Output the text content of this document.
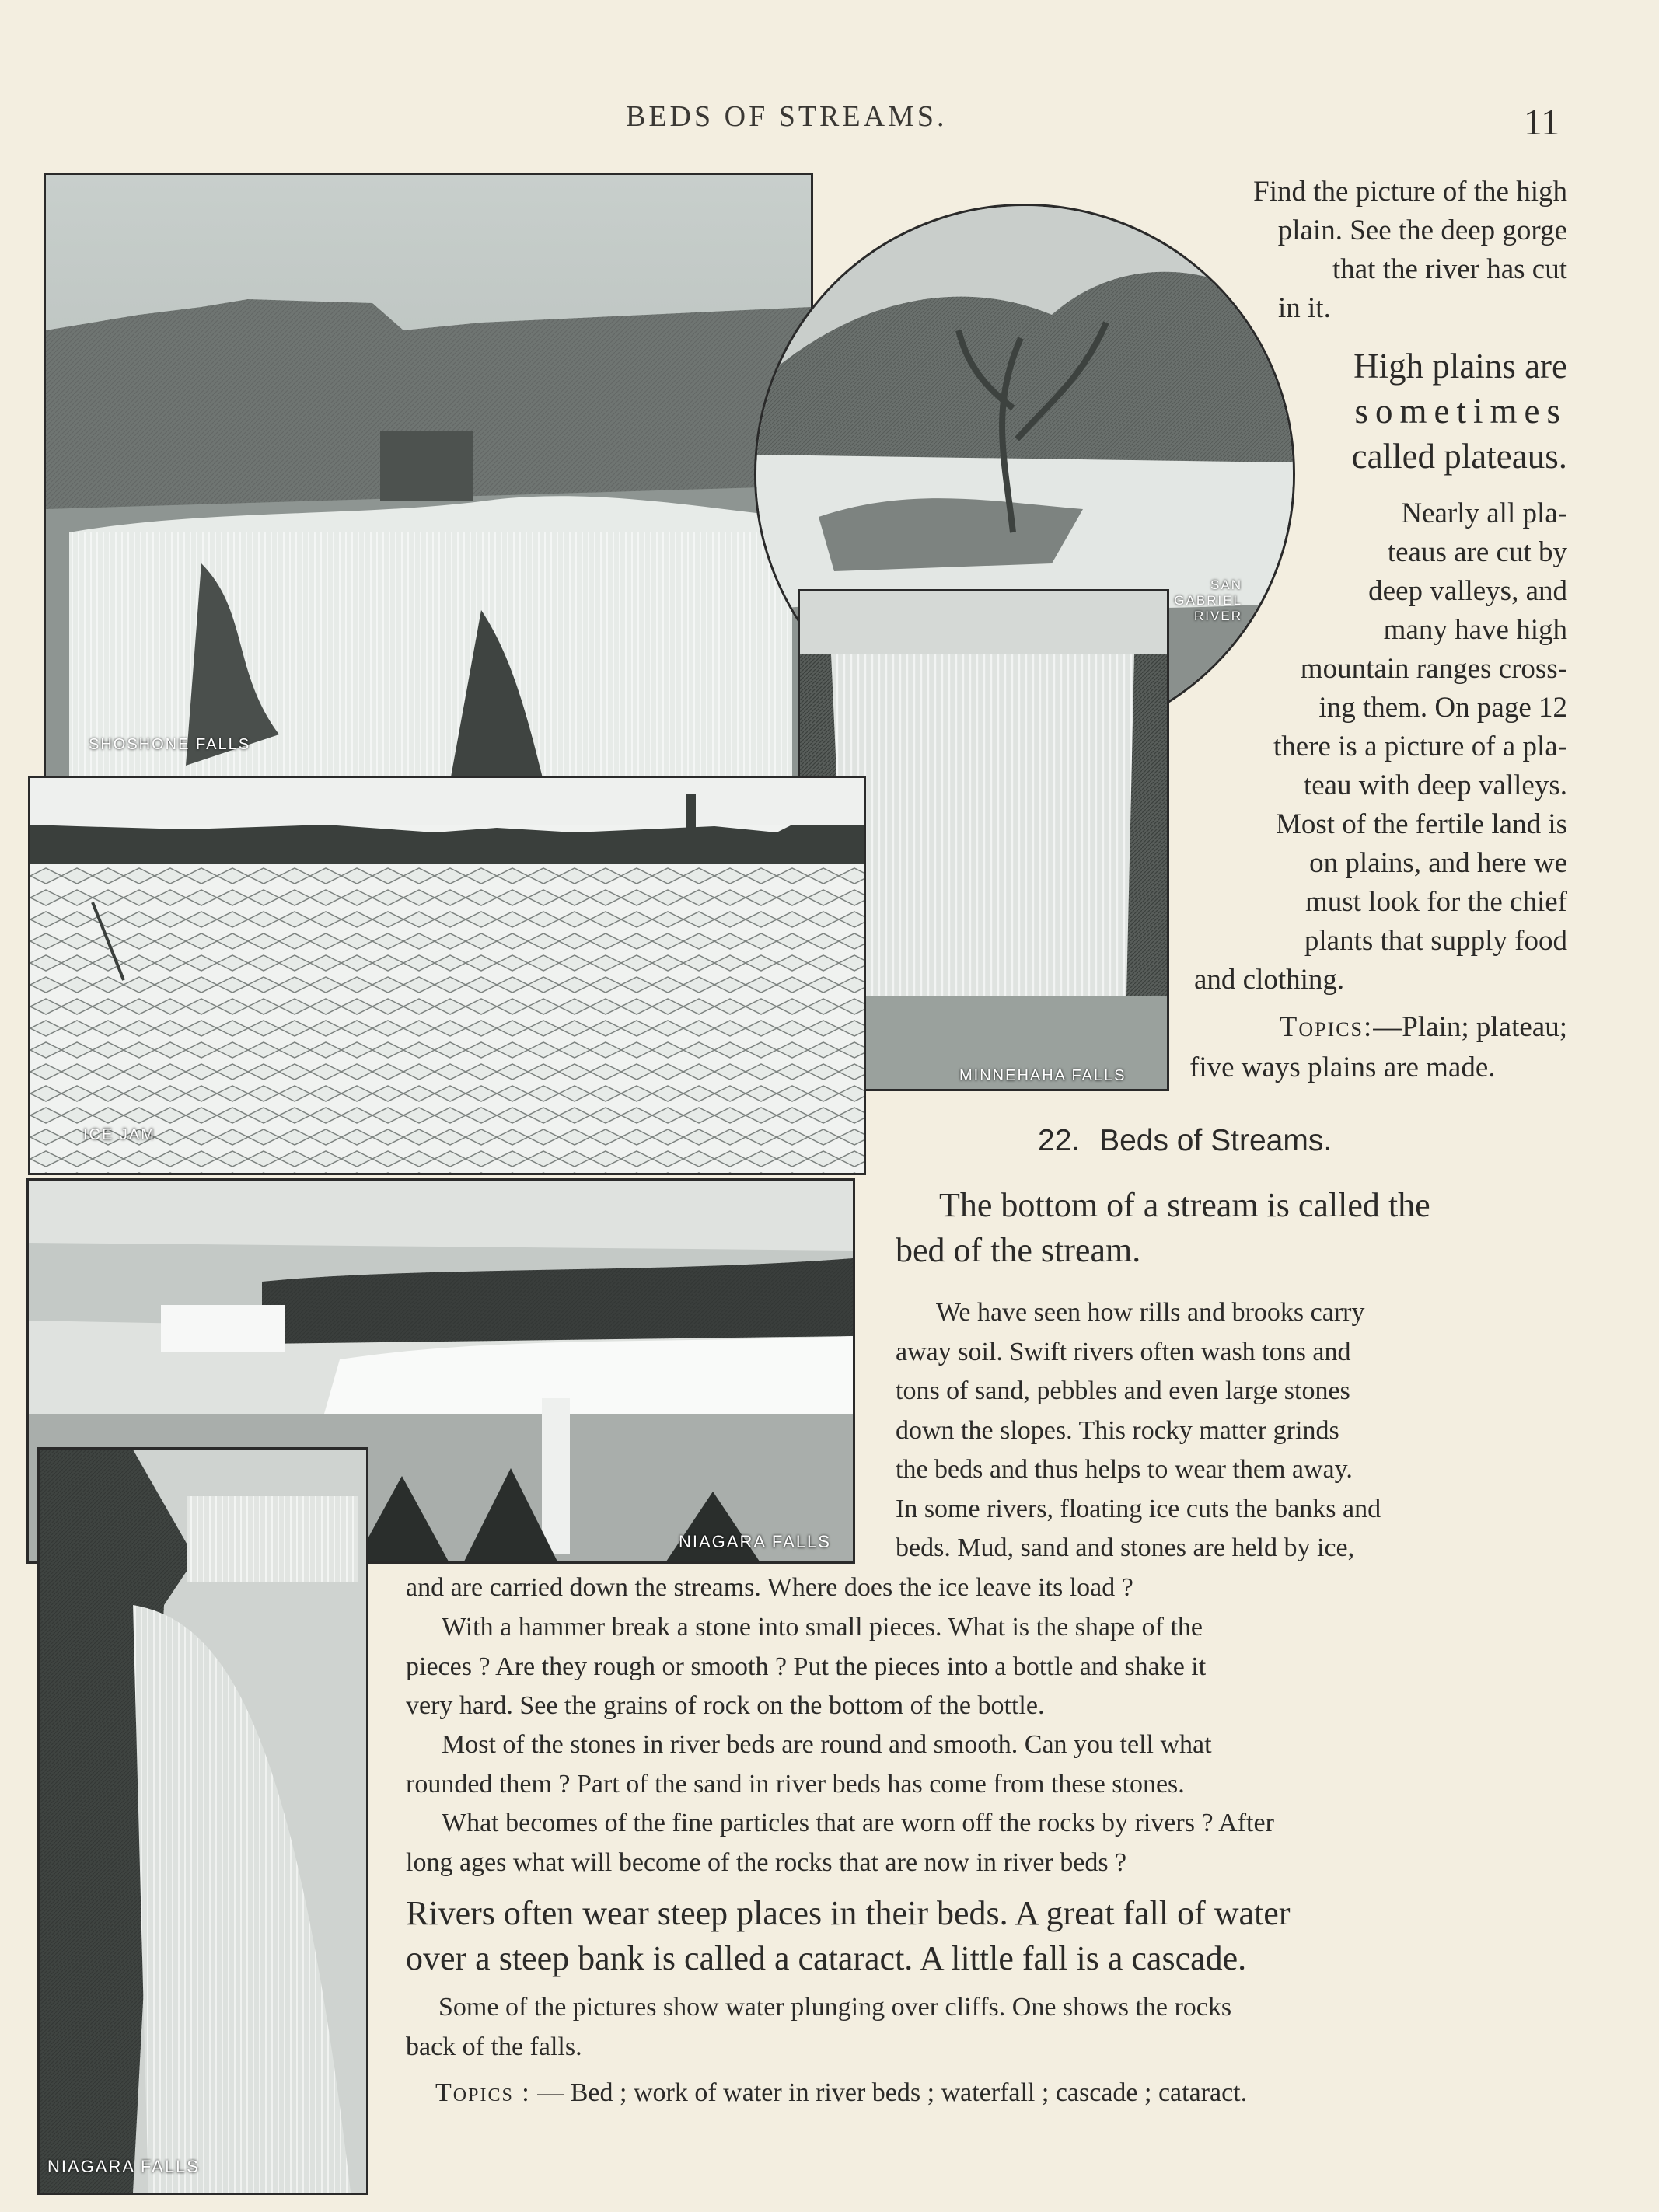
BEDS OF STREAMS.	11
SHOSHONE FALLS
SAN GABRIEL
RIVER
MINNEHAHA FALLS
ICE JAM
NIAGARA FALLS
NIAGARA FALLS
Find the picture of the high
plain. See the deep gorge
that the river has cut
in it.
High plains are
sometimes
called plateaus.
Nearly all pla-
teaus are cut by
deep valleys, and
many have high
mountain ranges cross-
ing them. On page 12
there is a picture of a pla-
teau with deep valleys.
Most of the fertile land is
on plains, and here we
must look for the chief
plants that supply food
and clothing.
Topics:—Plain; plateau;
five ways plains are made.
22. Beds of Streams.
The bottom of a stream is called the
bed of the stream.
We have seen how rills and brooks carry
away soil. Swift rivers often wash tons and
tons of sand, pebbles and even large stones
down the slopes. This rocky matter grinds
the beds and thus helps to wear them away.
In some rivers, floating ice cuts the banks and
beds. Mud, sand and stones are held by ice,
and are carried down the streams. Where does the ice leave its load ?
With a hammer break a stone into small pieces. What is the shape of the
pieces ? Are they rough or smooth ? Put the pieces into a bottle and shake it
very hard. See the grains of rock on the bottom of the bottle.
Most of the stones in river beds are round and smooth. Can you tell what
rounded them ? Part of the sand in river beds has come from these stones.
What becomes of the fine particles that are worn off the rocks by rivers ? After
long ages what will become of the rocks that are now in river beds ?
Rivers often wear steep places in their beds. A great fall of water
over a steep bank is called a cataract. A little fall is a cascade.
Some of the pictures show water plunging over cliffs. One shows the rocks
back of the falls.
Topics : — Bed ; work of water in river beds ; waterfall ; cascade ; cataract.
